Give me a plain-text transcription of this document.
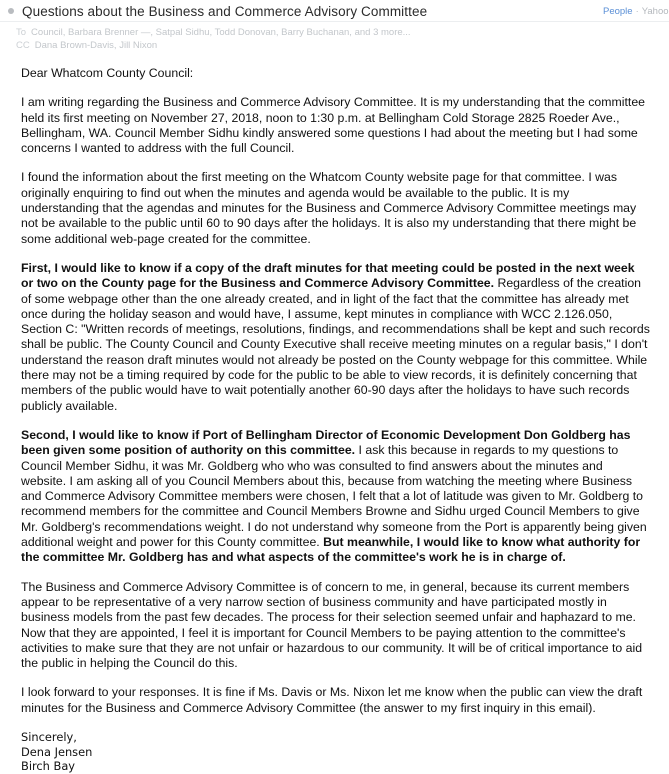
Questions about the Business and Commerce Advisory Committee	People · Yahoo
To Council, Barbara Brenner —, Satpal Sidhu, Todd Donovan, Barry Buchanan, and 3 more...
CC Dana Brown-Davis, Jill Nixon

Dear Whatcom County Council:

I am writing regarding the Business and Commerce Advisory Committee. It is my understanding that the committee held its first meeting on November 27, 2018, noon to 1:30 p.m. at Bellingham Cold Storage 2825 Roeder Ave., Bellingham, WA. Council Member Sidhu kindly answered some questions I had about the meeting but I had some concerns I wanted to address with the full Council.

I found the information about the first meeting on the Whatcom County website page for that committee. I was originally enquiring to find out when the minutes and agenda would be available to the public. It is my understanding that the agendas and minutes for the Business and Commerce Advisory Committee meetings may not be available to the public until 60 to 90 days after the holidays. It is also my understanding that there might be some additional web-page created for the committee.

First, I would like to know if a copy of the draft minutes for that meeting could be posted in the next week or two on the County page for the Business and Commerce Advisory Committee. Regardless of the creation of some webpage other than the one already created, and in light of the fact that the committee has already met once during the holiday season and would have, I assume, kept minutes in compliance with WCC 2.126.050, Section C: "Written records of meetings, resolutions, findings, and recommendations shall be kept and such records shall be public. The County Council and County Executive shall receive meeting minutes on a regular basis," I don't understand the reason draft minutes would not already be posted on the County webpage for this committee. While there may not be a timing required by code for the public to be able to view records, it is definitely concerning that members of the public would have to wait potentially another 60-90 days after the holidays to have such records publicly available.

Second, I would like to know if Port of Bellingham Director of Economic Development Don Goldberg has been given some position of authority on this committee. I ask this because in regards to my questions to Council Member Sidhu, it was Mr. Goldberg who who was consulted to find answers about the minutes and website. I am asking all of you Council Members about this, because from watching the meeting where Business and Commerce Advisory Committee members were chosen, I felt that a lot of latitude was given to Mr. Goldberg to recommend members for the committee and Council Members Browne and Sidhu urged Council Members to give Mr. Goldberg's recommendations weight. I do not understand why someone from the Port is apparently being given additional weight and power for this County committee. But meanwhile, I would like to know what authority for the committee Mr. Goldberg has and what aspects of the committee's work he is in charge of.

The Business and Commerce Advisory Committee is of concern to me, in general, because its current members appear to be representative of a very narrow section of business community and have participated mostly in business models from the past few decades. The process for their selection seemed unfair and haphazard to me. Now that they are appointed, I feel it is important for Council Members to be paying attention to the committee's activities to make sure that they are not unfair or hazardous to our community. It will be of critical importance to aid the public in helping the Council do this.

I look forward to your responses. It is fine if Ms. Davis or Ms. Nixon let me know when the public can view the draft minutes for the Business and Commerce Advisory Committee (the answer to my first inquiry in this email).

Sincerely,
Dena Jensen
Birch Bay
